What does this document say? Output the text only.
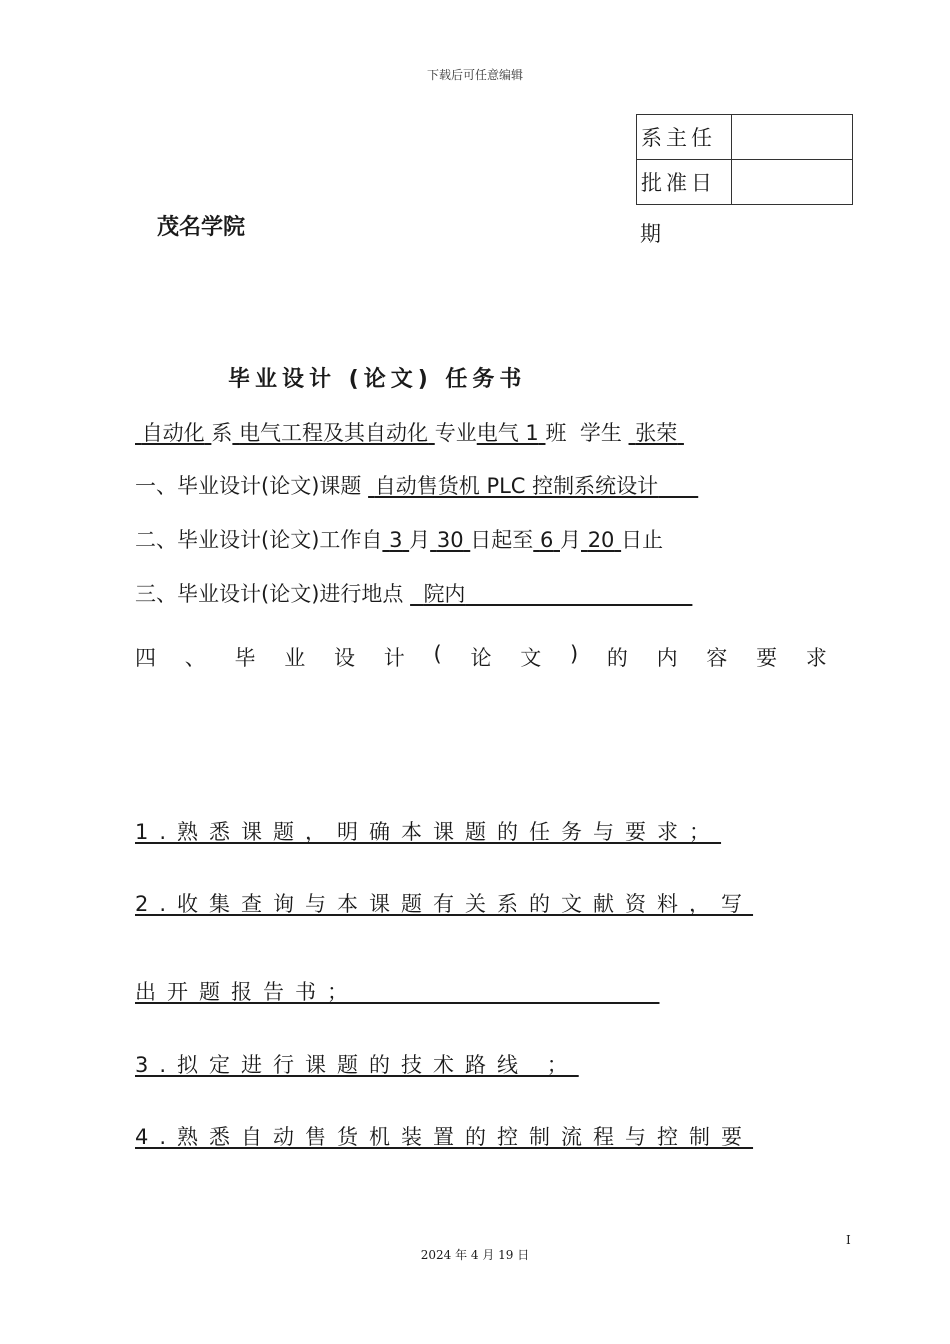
下载后可任意编辑
系主任	
批准日	
期
茂名学院
毕业设计 (论文) 任务书
自动化 系 电气工程及其自动化 专业电气 1 班 学生 张荣
一、毕业设计(论文)课题 自动售货机 PLC 控制系统设计
二、毕业设计(论文)工作自 3 月 30 日起至 6 月 20 日止
三、毕业设计(论文)进行地点 院内
四 、 毕 业 设 计 ( 论 文 ) 的 内 容 要 求
1.熟悉课题，明确本课题的任务与要求；
2.收集查询与本课题有关系的文献资料，写
出开题报告书；
3.拟定进行课题的技术路线 ；
4.熟悉自动售货机装置的控制流程与控制要
I
2024 年 4 月 19 日
